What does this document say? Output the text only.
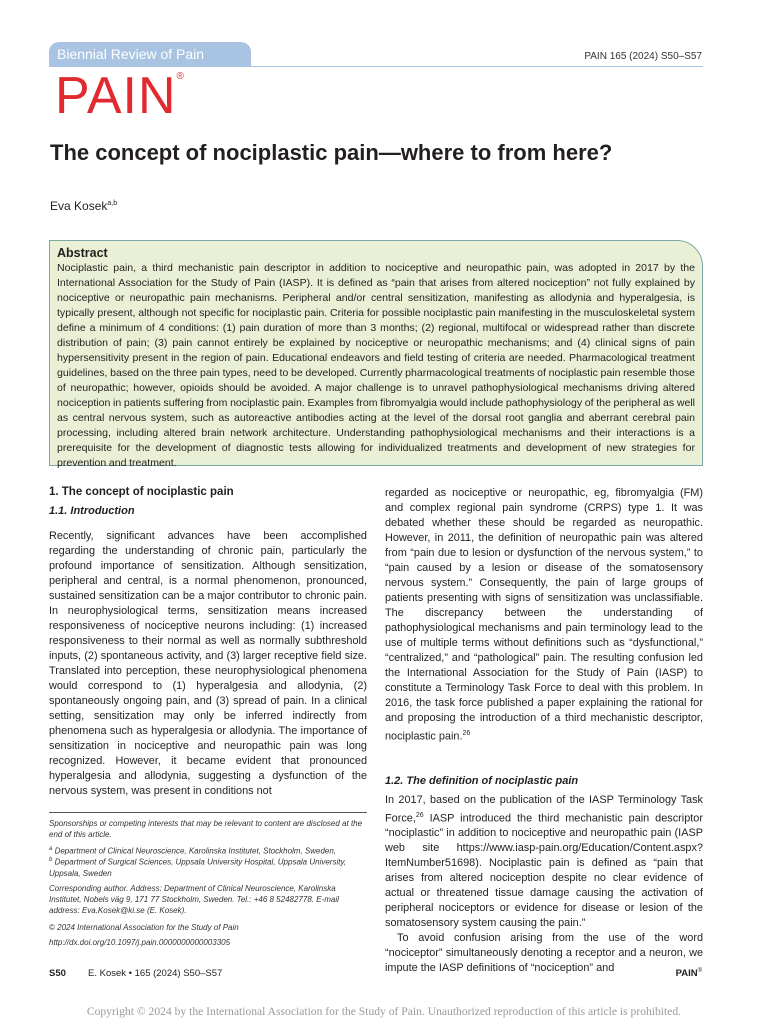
Biennial Review of Pain	PAIN 165 (2024) S50–S57
PAIN®
The concept of nociplastic pain—where to from here?
Eva Kosek$^{a,b}$
Abstract

Nociplastic pain, a third mechanistic pain descriptor in addition to nociceptive and neuropathic pain, was adopted in 2017 by the International Association for the Study of Pain (IASP). It is defined as “pain that arises from altered nociception” not fully explained by nociceptive or neuropathic pain mechanisms. Peripheral and/or central sensitization, manifesting as allodynia and hyperalgesia, is typically present, although not specific for nociplastic pain. Criteria for possible nociplastic pain manifesting in the musculoskeletal system define a minimum of 4 conditions: (1) pain duration of more than 3 months; (2) regional, multifocal or widespread rather than discrete distribution of pain; (3) pain cannot entirely be explained by nociceptive or neuropathic mechanisms; and (4) clinical signs of pain hypersensitivity present in the region of pain. Educational endeavors and field testing of criteria are needed. Pharmacological treatment guidelines, based on the three pain types, need to be developed. Currently pharmacological treatments of nociplastic pain resemble those of neuropathic; however, opioids should be avoided. A major challenge is to unravel pathophysiological mechanisms driving altered nociception in patients suffering from nociplastic pain. Examples from fibromyalgia would include pathophysiology of the peripheral as well as central nervous system, such as autoreactive antibodies acting at the level of the dorsal root ganglia and aberrant cerebral pain processing, including altered brain network architecture. Understanding pathophysiological mechanisms and their interactions is a prerequisite for the development of diagnostic tests allowing for individualized treatments and development of new strategies for prevention and treatment.

1. The concept of nociplastic pain
1.1. Introduction

Recently, significant advances have been accomplished regarding the understanding of chronic pain, particularly the profound importance of sensitization. Although sensitization, peripheral and central, is a normal phenomenon, pronounced, sustained sensitization can be a major contributor to chronic pain. In neurophysiological terms, sensitization means increased responsiveness of nociceptive neurons including: (1) increased responsiveness to their normal as well as normally subthreshold inputs, (2) spontaneous activity, and (3) larger receptive field size. Translated into perception, these neurophysiological phenomena would correspond to (1) hyperalgesia and allodynia, (2) spontaneously ongoing pain, and (3) spread of pain. In a clinical setting, sensitization may only be inferred indirectly from phenomena such as hyperalgesia or allodynia. The importance of sensitization in nociceptive and neuropathic pain was long recognized. However, it became evident that pronounced hyperalgesia and allodynia, suggesting a dysfunction of the nervous system, was present in conditions not

regarded as nociceptive or neuropathic, eg, fibromyalgia (FM) and complex regional pain syndrome (CRPS) type 1. It was debated whether these should be regarded as neuropathic. However, in 2011, the definition of neuropathic pain was altered from “pain due to lesion or dysfunction of the nervous system,” to “pain caused by a lesion or disease of the somatosensory nervous system.” Consequently, the pain of large groups of patients presenting with signs of sensitization was unclassifiable. The discrepancy between the understanding of pathophysiological mechanisms and pain terminology lead to the use of multiple terms without definitions such as “dysfunctional,” “centralized,” and “pathological” pain. The resulting confusion led the International Association for the Study of Pain (IASP) to constitute a Terminology Task Force to deal with this problem. In 2016, the task force published a paper explaining the rational for and proposing the introduction of a third mechanistic descriptor, nociplastic pain.$^{26}$

1.2. The definition of nociplastic pain

In 2017, based on the publication of the IASP Terminology Task Force,$^{26}$ IASP introduced the third mechanistic pain descriptor “nociplastic” in addition to nociceptive and neuropathic pain (IASP web site https://www.iasp-pain.org/Education/Content.aspx?ItemNumber51698). Nociplastic pain is defined as “pain that arises from altered nociception despite no clear evidence of actual or threatened tissue damage causing the activation of peripheral nociceptors or evidence for disease or lesion of the somatosensory system causing the pain.”

To avoid confusion arising from the use of the word “nociceptor” simultaneously denoting a receptor and a neuron, we impute the IASP definitions of “nociception” and

Sponsorships or competing interests that may be relevant to content are disclosed at the end of this article.

$^a$ Department of Clinical Neuroscience, Karolinska Institutet, Stockholm, Sweden,

$^b$ Department of Surgical Sciences, Uppsala University Hospital, Uppsala University, Uppsala, Sweden

Corresponding author. Address: Department of Clinical Neuroscience, Karolinska Institutet, Nobels väg 9, 171 77 Stockholm, Sweden. Tel.: +46 8 52482778. E-mail address: Eva.Kosek@ki.se (E. Kosek).

© 2024 International Association for the Study of Pain

http://dx.doi.org/10.1097/j.pain.0000000000003305

S50 E. Kosek • 165 (2024) S50–S57	PAIN®
Copyright © 2024 by the International Association for the Study of Pain. Unauthorized reproduction of this article is prohibited.
